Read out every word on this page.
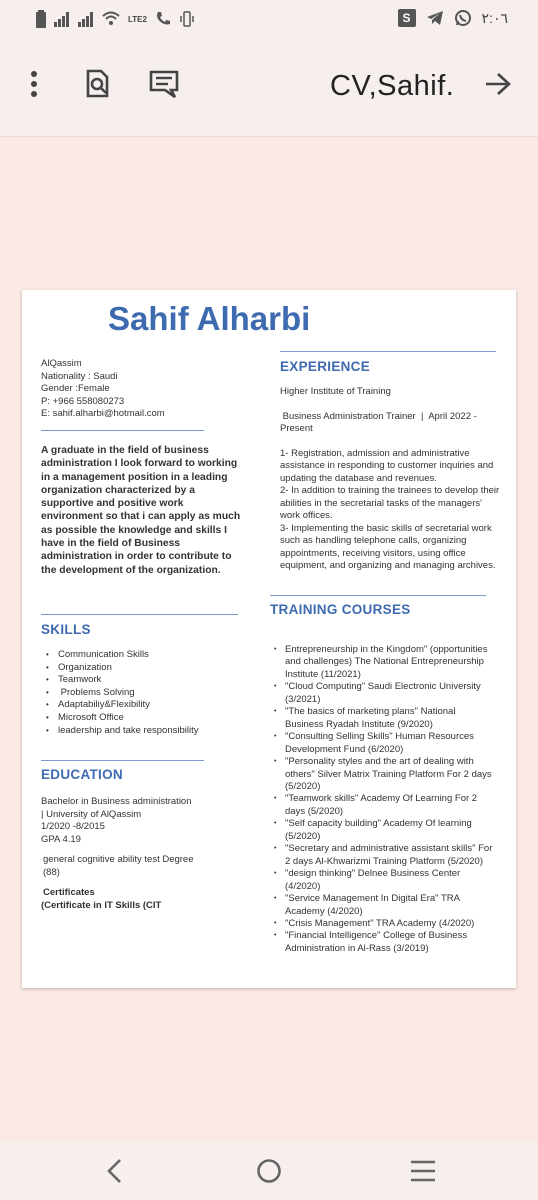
LTE2	S	٢:٠٦
CV,Sahif.
Sahif Alharbi
AlQassim
Nationality : Saudi
Gender :Female
P: +966 558080273
E: sahif.alharbi@hotmail.com
A graduate in the field of business administration I look forward to working in a management position in a leading organization characterized by a supportive and positive work environment so that i can apply as much as possible the knowledge and skills I have in the field of Business administration in order to contribute to the development of the organization.
SKILLS
• Communication Skills
• Organization
• Teamwork
•  Problems Solving
• Adaptabiliy&Flexibility
• Microsoft Office
• leadership and take responsibility
EDUCATION
Bachelor in Business administration
| University of AlQassim
1/2020 -8/2015
GPA 4.19
general cognitive ability test Degree
(88)
Certificates
(Certificate in IT Skills (CIT
EXPERIENCE
Higher Institute of Training
Business Administration Trainer  |  April 2022 - Present
1- Registration, admission and administrative assistance in responding to customer inquiries and updating the database and revenues.
2- In addition to training the trainees to develop their abilities in the secretarial tasks of the managers' work offices.
3- Implementing the basic skills of secretarial work such as handling telephone calls, organizing appointments, receiving visitors, using office equipment, and organizing and managing archives.
TRAINING COURSES
• Entrepreneurship in the Kingdom" (opportunities and challenges) The National Entrepreneurship Institute (11/2021)
• "Cloud Computing" Saudi Electronic University (3/2021)
• "The basics of marketing plans" National Business Ryadah Institute (9/2020)
• "Consulting Selling Skills" Human Resources Development Fund (6/2020)
• "Personality styles and the art of dealing with others" Silver Matrix Training Platform For 2 days (5/2020)
• "Teamwork skills" Academy Of Learning For 2 days (5/2020)
• "Self capacity building" Academy Of learning (5/2020)
• "Secretary and administrative assistant skills" For 2 days Al-Khwarizmi Training Platform (5/2020)
• "design thinking" Delnee Business Center (4/2020)
• "Service Management In Digital Era" TRA Academy (4/2020)
• "Crisis Management" TRA Academy (4/2020)
• "Financial Intelligence" College of Business Administration in Al-Rass (3/2019)
